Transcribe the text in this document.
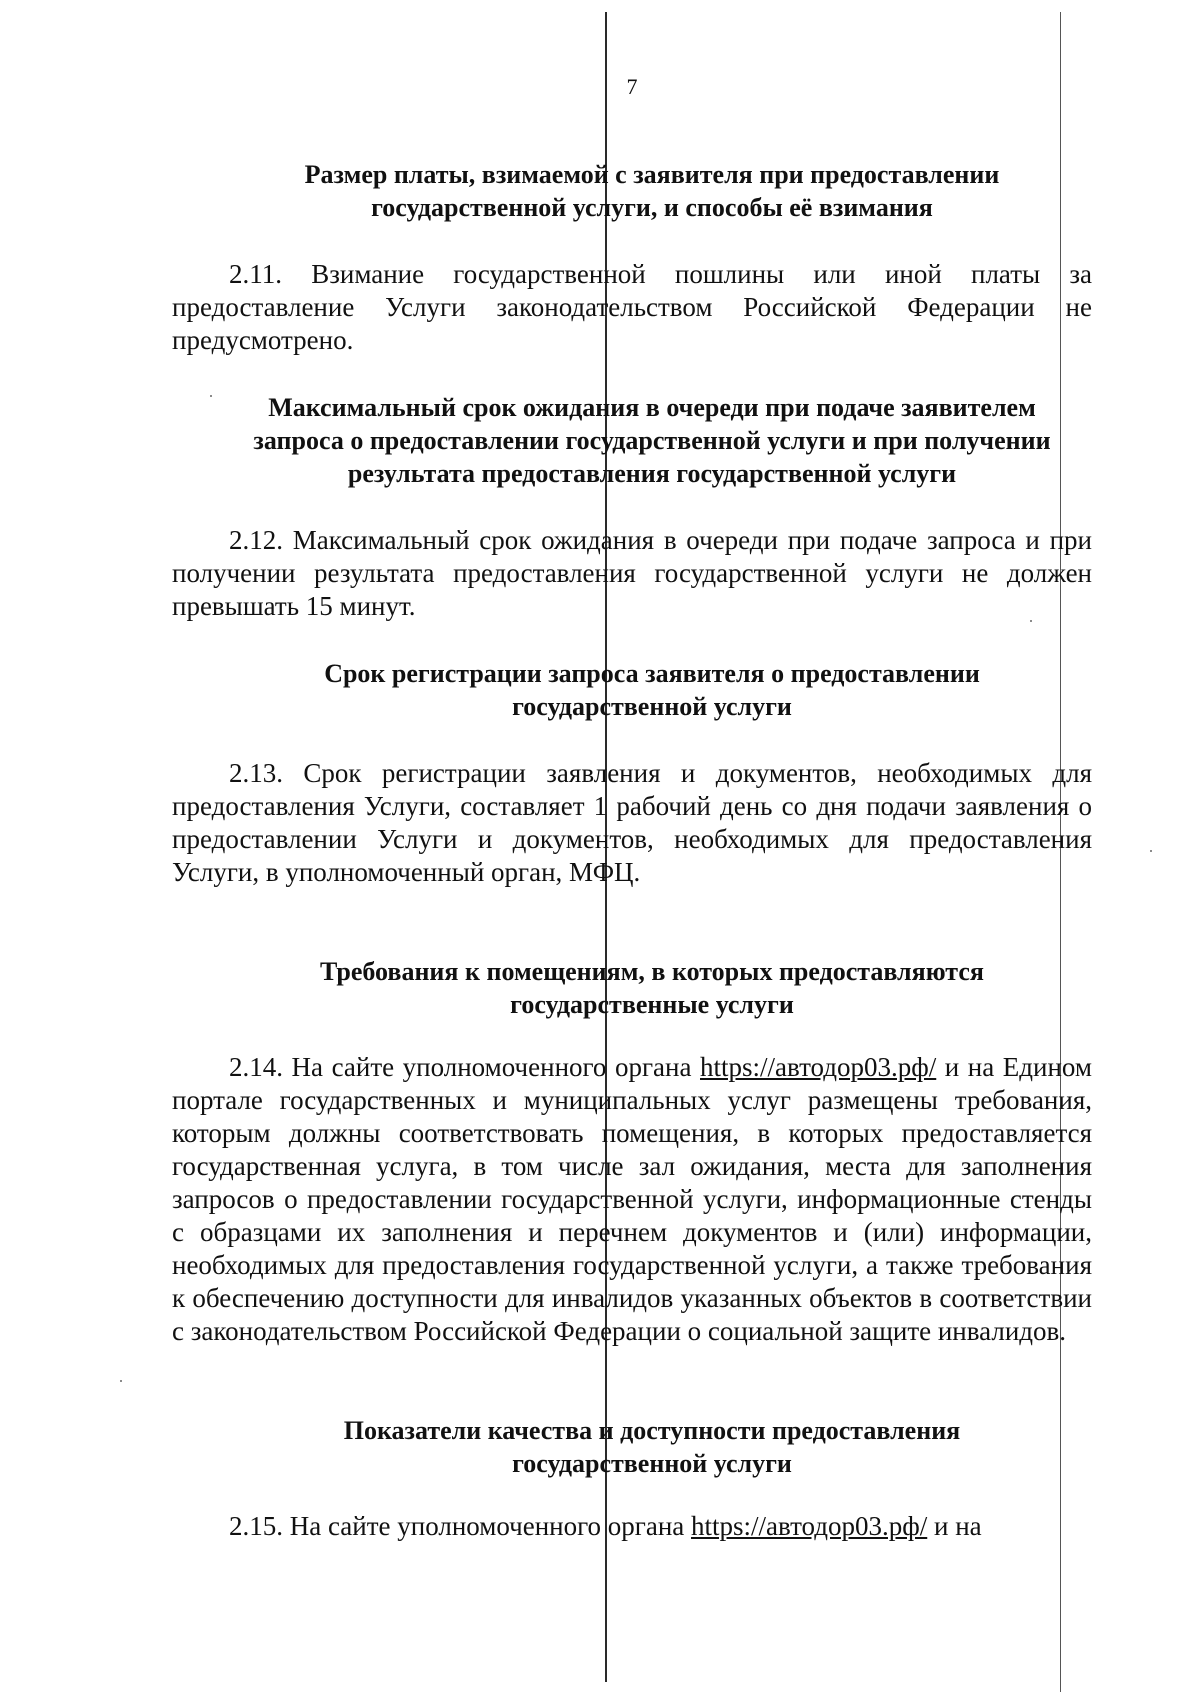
7
Размер платы, взимаемой с заявителя при предоставлении
государственной услуги, и способы её взимания

2.11. Взимание государственной пошлины или иной платы за предоставление Услуги законодательством Российской Федерации не предусмотрено.

Максимальный срок ожидания в очереди при подаче заявителем
запроса о предоставлении государственной услуги и при получении
результата предоставления государственной услуги

2.12. Максимальный срок ожидания в очереди при подаче запроса и при получении результата предоставления государственной услуги не должен превышать 15 минут.

Срок регистрации запроса заявителя о предоставлении
государственной услуги

2.13. Срок регистрации заявления и документов, необходимых для предоставления Услуги, составляет 1 рабочий день со дня подачи заявления о предоставлении Услуги и документов, необходимых для предоставления Услуги, в уполномоченный орган, МФЦ.

Требования к помещениям, в которых предоставляются
государственные услуги

2.14. На сайте уполномоченного органа https://автодор03.рф/ и на Едином портале государственных и муниципальных услуг размещены требования, которым должны соответствовать помещения, в которых предоставляется государственная услуга, в том числе зал ожидания, места для заполнения запросов о предоставлении государственной услуги, информационные стенды с образцами их заполнения и перечнем документов и (или) информации, необходимых для предоставления государственной услуги, а также требования к обеспечению доступности для инвалидов указанных объектов в соответствии с законодательством Российской Федерации о социальной защите инвалидов.

Показатели качества и доступности предоставления
государственной услуги

2.15. На сайте уполномоченного органа https://автодор03.рф/ и на
